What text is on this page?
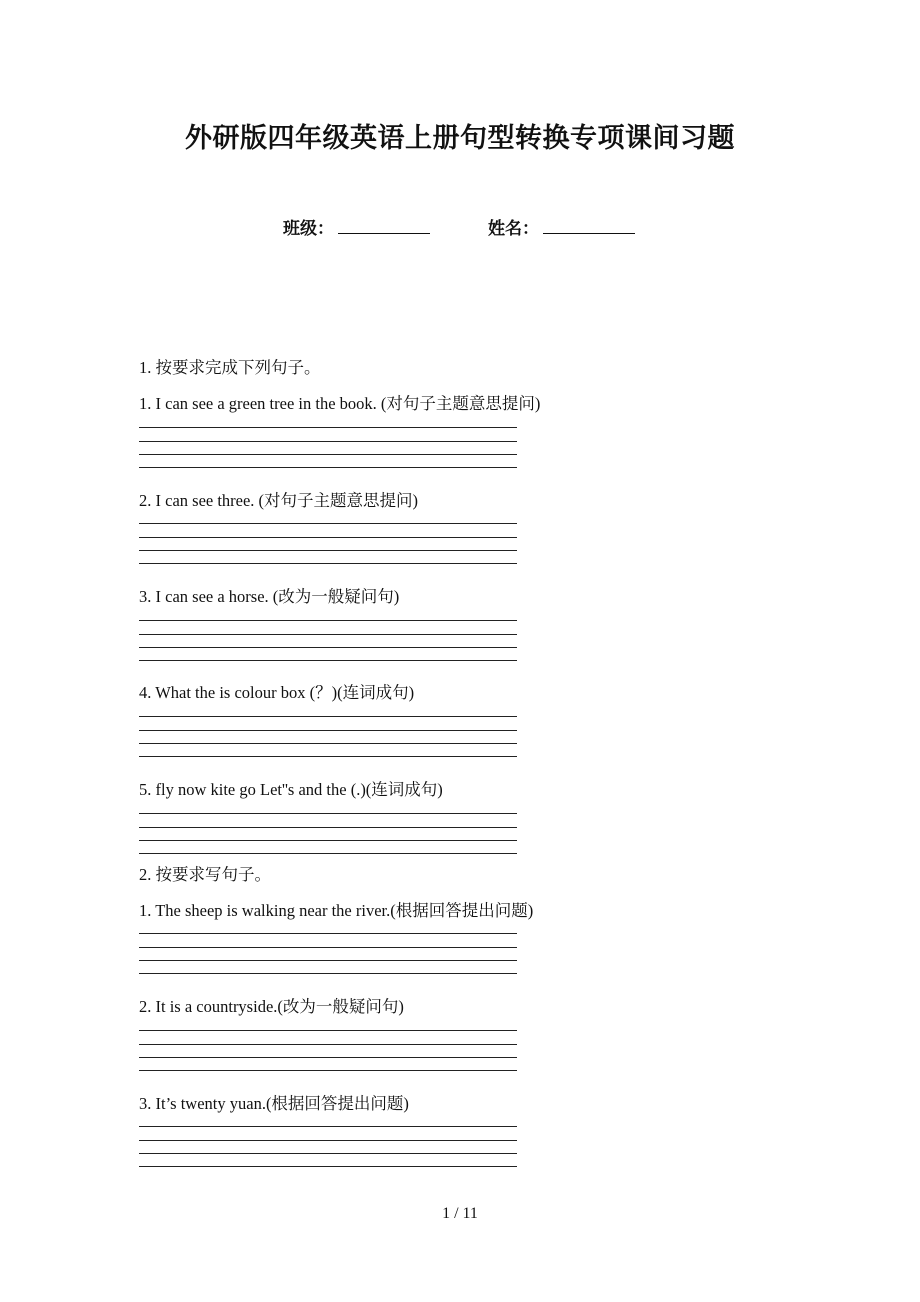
外研版四年级英语上册句型转换专项课间习题
班级：	姓名：
1. 按要求完成下列句子。
1. I can see a green tree in the book. (对句子主题意思提问)
2. I can see three. (对句子主题意思提问)
3. I can see a horse. (改为一般疑问句)
4. What the is colour box (？)(连词成句)
5. fly now kite go Let''s and the (.)(连词成句)
2. 按要求写句子。
1. The sheep is walking near the river.(根据回答提出问题)
2. It is a countryside.(改为一般疑问句)
3. It’s twenty yuan.(根据回答提出问题)
1 / 11
